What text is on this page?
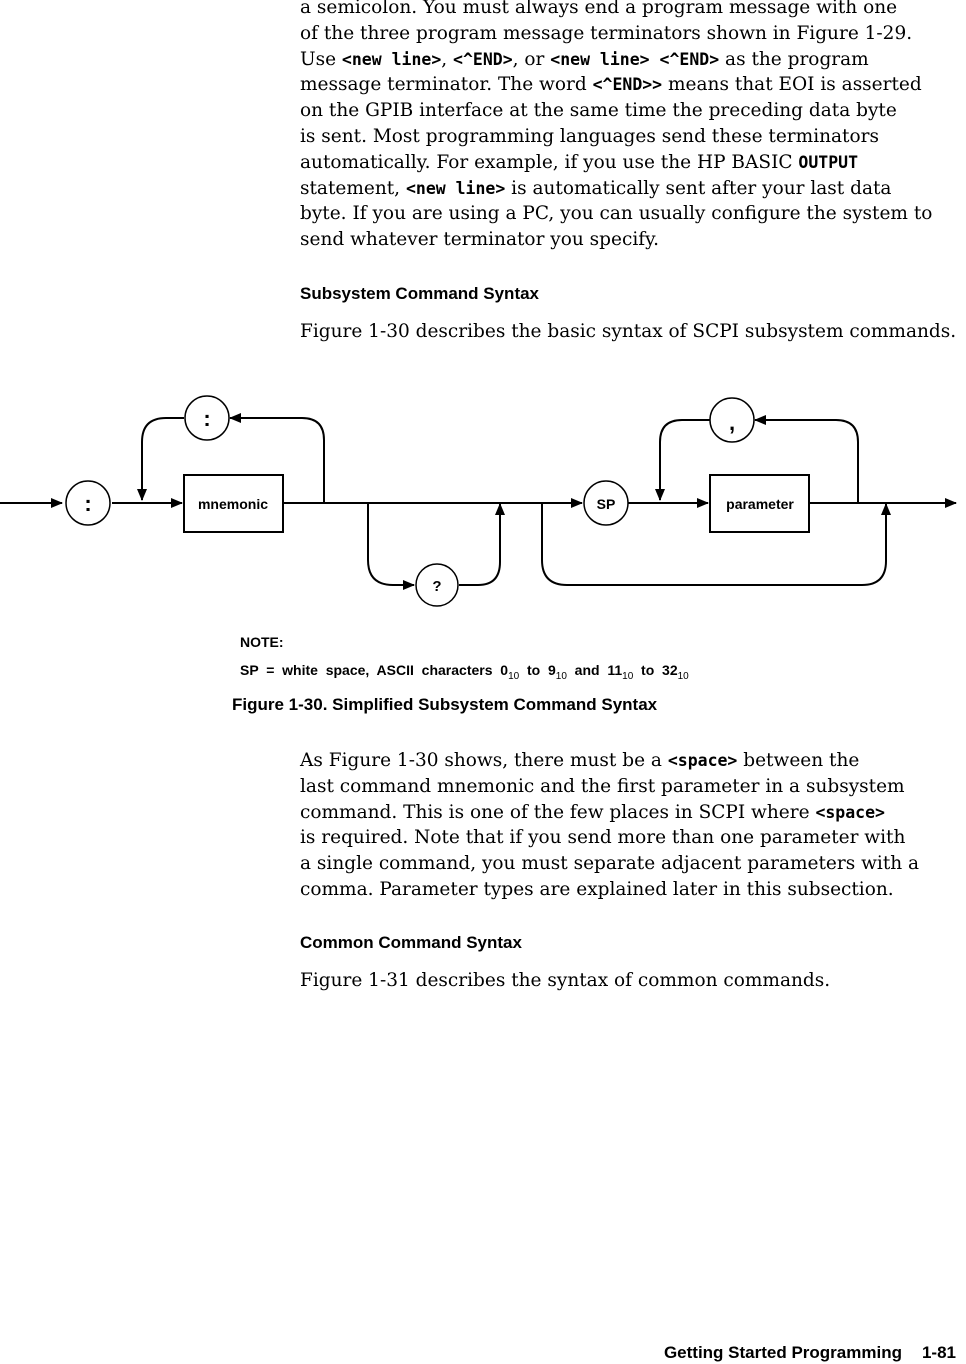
a semicolon. You must always end a program message with one
of the three program message terminators shown in Figure 1-29.
Use <new line>, <^END>, or <new line> <^END> as the program
message terminator. The word <^END>> means that EOI is asserted
on the GPIB interface at the same time the preceding data byte
is sent. Most programming languages send these terminators
automatically. For example, if you use the HP BASIC OUTPUT
statement, <new line> is automatically sent after your last data
byte. If you are using a PC, you can usually configure the system to
send whatever terminator you specify.
Subsystem Command Syntax
Figure 1-30 describes the basic syntax of SCPI subsystem commands.
:
:	mnemonic
?
SP
,
parameter
NOTE:
SP  =  white  space,  ASCII  characters  $0_{10}$  to  $9_{10}$  and  $11_{10}$  to  $32_{10}$
Figure 1-30. Simplified Subsystem Command Syntax
As Figure 1-30 shows, there must be a <space> between the
last command mnemonic and the first parameter in a subsystem
command. This is one of the few places in SCPI where <space>
is required. Note that if you send more than one parameter with
a single command, you must separate adjacent parameters with a
comma. Parameter types are explained later in this subsection.
Common Command Syntax
Figure 1-31 describes the syntax of common commands.
Getting Started Programming 1-81
